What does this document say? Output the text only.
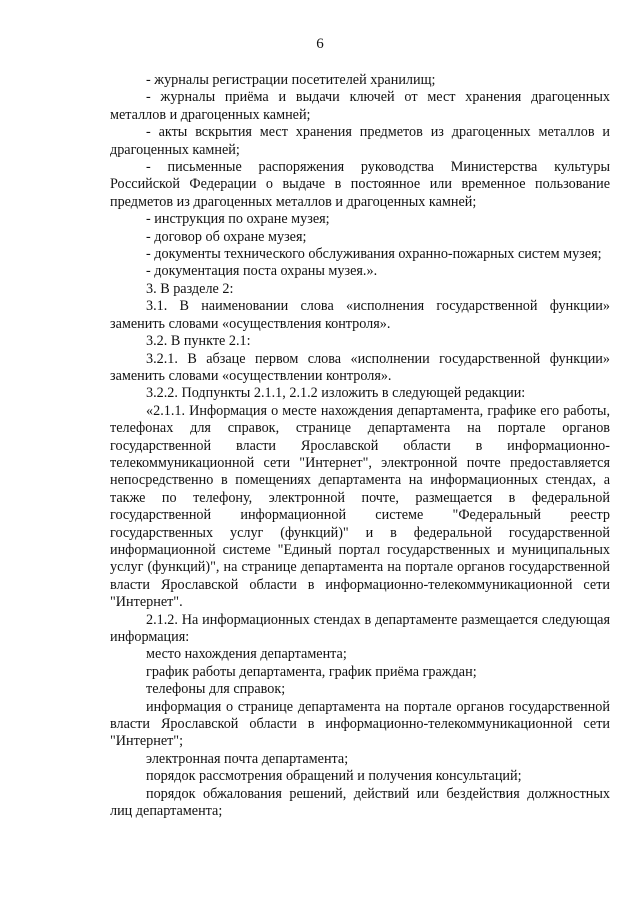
6

- журналы регистрации посетителей хранилищ;

- журналы приёма и выдачи ключей от мест хранения драгоценных металлов и драгоценных камней;

- акты вскрытия мест хранения предметов из драгоценных металлов и драгоценных камней;

- письменные распоряжения руководства Министерства культуры Российской Федерации о выдаче в постоянное или временное пользование предметов из драгоценных металлов и драгоценных камней;

- инструкция по охране музея;

- договор об охране музея;

- документы технического обслуживания охранно-пожарных систем музея;

- документация поста охраны музея.».

3. В разделе 2:

3.1. В наименовании слова «исполнения государственной функции» заменить словами «осуществления контроля».

3.2. В пункте 2.1:

3.2.1. В абзаце первом слова «исполнении государственной функции» заменить словами «осуществлении контроля».

3.2.2. Подпункты 2.1.1, 2.1.2 изложить в следующей редакции:

«2.1.1. Информация о месте нахождения департамента, графике его работы, телефонах для справок, странице департамента на портале органов государственной власти Ярославской области в информационно-телекоммуникационной сети "Интернет", электронной почте предоставляется непосредственно в помещениях департамента на информационных стендах, а также по телефону, электронной почте, размещается в федеральной государственной информационной системе "Федеральный реестр государственных услуг (функций)" и в федеральной государственной информационной системе "Единый портал государственных и муниципальных услуг (функций)", на странице департамента на портале органов государственной власти Ярославской области в информационно-телекоммуникационной сети "Интернет".

2.1.2. На информационных стендах в департаменте размещается следующая информация:

место нахождения департамента;

график работы департамента, график приёма граждан;

телефоны для справок;

информация о странице департамента на портале органов государственной власти Ярославской области в информационно-телекоммуникационной сети "Интернет";

электронная почта департамента;

порядок рассмотрения обращений и получения консультаций;

порядок обжалования решений, действий или бездействия должностных лиц департамента;
